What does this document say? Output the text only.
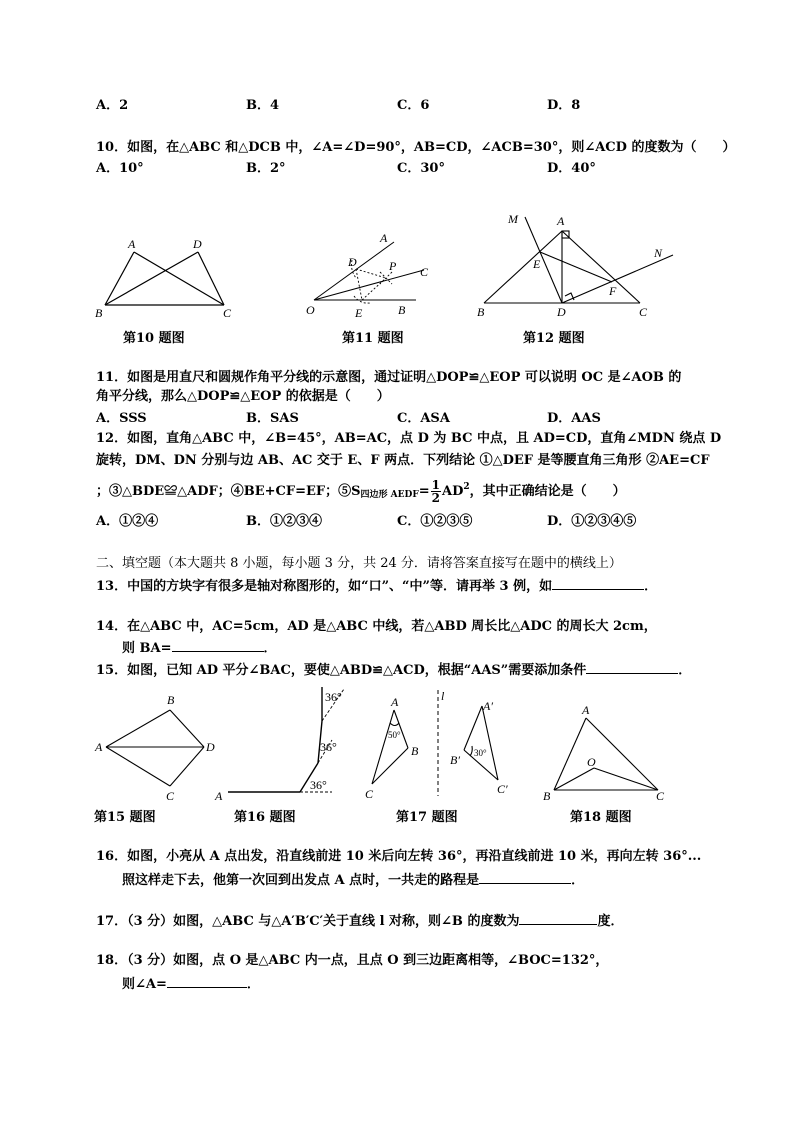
A．2	B．4	C．6	D．8
10．如图，在△ABC 和△DCB 中，∠A=∠D=90°，AB=CD，∠ACB=30°，则∠ACD 的度数为（　　）
A．10°	B．2°	C．30°	D．40°
A	D
B	C
第10 题图
A
C
D	P
O	E	B
第11 题图
M	A
N
E
F
B	D	C
第12 题图
11．如图是用直尺和圆规作角平分线的示意图，通过证明△DOP≌△EOP 可以说明 OC 是∠AOB 的
角平分线，那么△DOP≌△EOP 的依据是（　　）
A．SSS	B．SAS	C．ASA	D．AAS
12．如图，直角△ABC 中，∠B=45°，AB=AC，点 D 为 BC 中点，且 AD=CD，直角∠MDN 绕点 D
旋转，DM、DN 分别与边 AB、AC 交于 E、F 两点．下列结论 ①△DEF 是等腰直角三角形 ②AE=CF
；③△BDE≌△ADF；④BE+CF=EF；$⑤S_{四边形 AEDF}= \frac{1}{2} AD^2$，其中正确结论是（　　）
A．①②④	B．①②③④	C．①②③⑤	D．①②③④⑤
二、填空题（本大题共 8 小题，每小题 3 分，共 24 分．请将答案直接写在题中的横线上）
13．中国的方块字有很多是轴对称图形的，如“口”、“中”等．请再举 3 例，如	．
14．在△ABC 中，AC=5cm，AD 是△ABC 中线，若△ABD 周长比△ADC 的周长大 2cm，
则 BA=	．
15．如图，已知 AD 平分∠BAC，要使△ABD≌△ACD，根据“AAS”需要添加条件	．
B
A	D
C
第15 题图
A
36°
36°
36°
第16 题图
l
A
B
C
A′
B′
C′
50°
30°
第17 题图
A
O
B	C
第18 题图
16．如图，小亮从 A 点出发，沿直线前进 10 米后向左转 36°，再沿直线前进 10 米，再向左转 36°...
照这样走下去，他第一次回到出发点 A 点时，一共走的路程是	．
17．（3 分）如图，△ABC 与△A′B′C′关于直线 l 对称，则∠B 的度数为	度．
18．（3 分）如图，点 O 是△ABC 内一点，且点 O 到三边距离相等，∠BOC=132°，
则∠A=	．
